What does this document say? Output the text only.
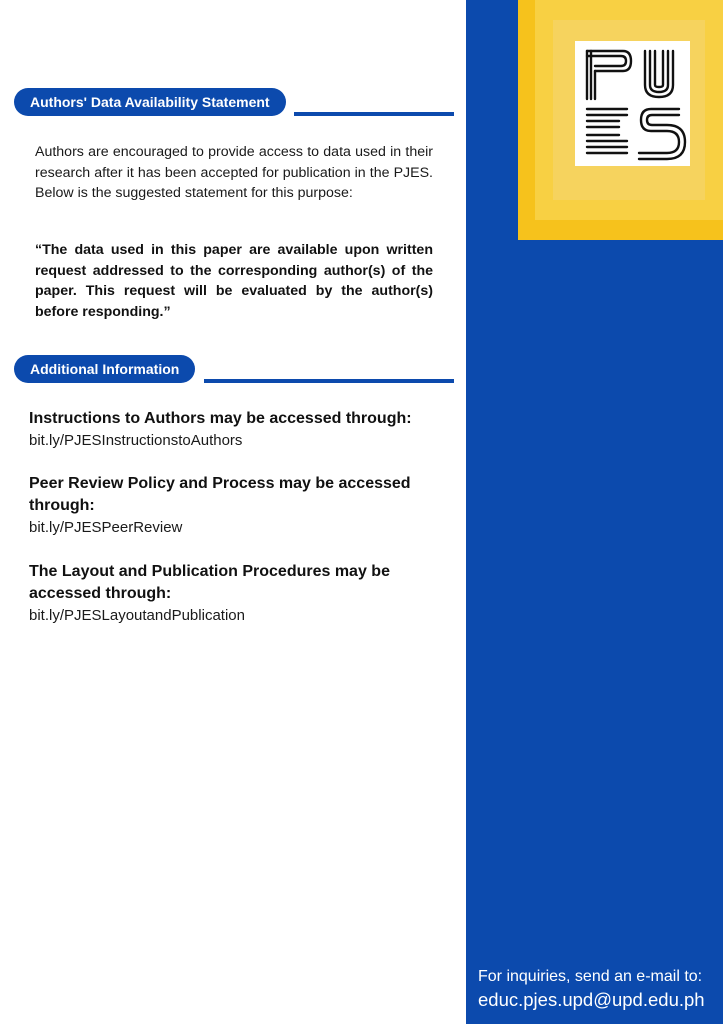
Authors' Data Availability Statement
Authors are encouraged to provide access to data used in their research after it has been accepted for publication in the PJES. Below is the suggested statement for this purpose:
“The data used in this paper are available upon written request addressed to the corresponding author(s) of the paper. This request will be evaluated by the author(s) before responding.”
Additional Information
Instructions to Authors may be accessed through:
bit.ly/PJESInstructionstoAuthors
Peer Review Policy and Process may be accessed through:
bit.ly/PJESPeerReview
The Layout and Publication Procedures may be accessed through:
bit.ly/PJESLayoutandPublication
For inquiries, send an e-mail to:
educ.pjes.upd@upd.edu.ph
